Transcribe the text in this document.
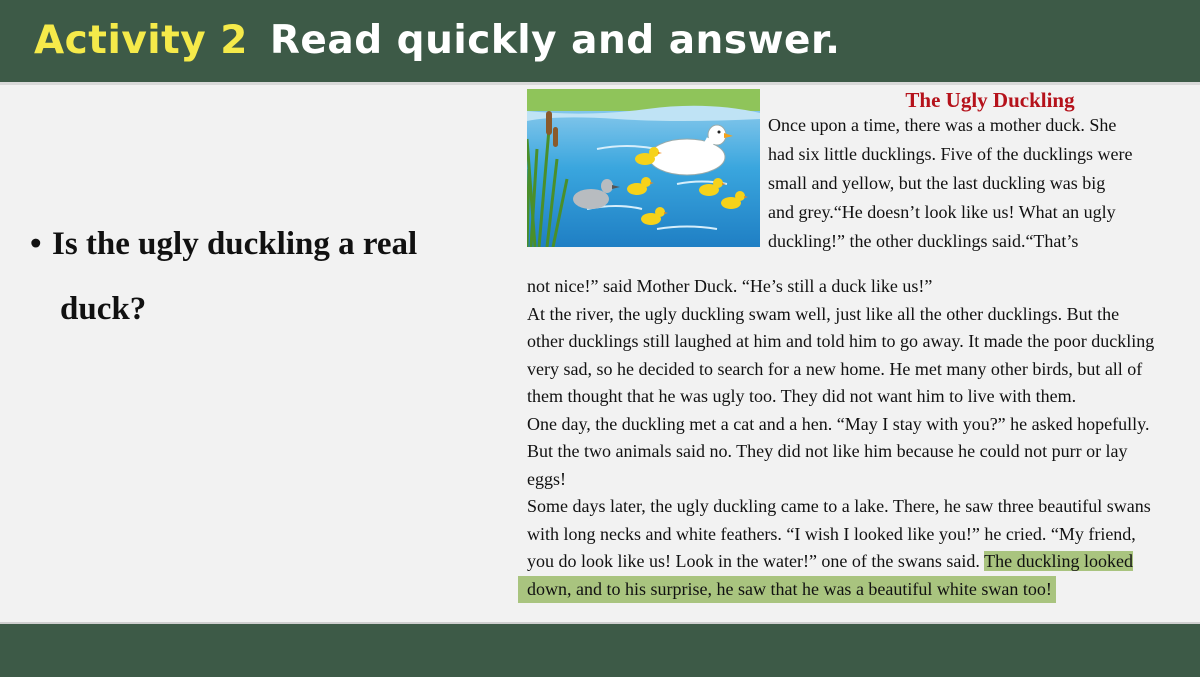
Activity 2 Read quickly and answer.
• Is the ugly duckling a real
duck?
The Ugly Duckling

Once upon a time, there was a mother duck. She

had six little ducklings. Five of the ducklings were

small and yellow, but the last duckling was big

and grey.“He doesn’t look like us! What an ugly

duckling!” the other ducklings said.“That’s

not nice!” said Mother Duck. “He’s still a duck like us!”

At the river, the ugly duckling swam well, just like all the other ducklings. But the

other ducklings still laughed at him and told him to go away. It made the poor duckling

very sad, so he decided to search for a new home. He met many other birds, but all of

them thought that he was ugly too. They did not want him to live with them.

One day, the duckling met a cat and a hen. “May I stay with you?” he asked hopefully.

But the two animals said no. They did not like him because he could not purr or lay

eggs!

Some days later, the ugly duckling came to a lake. There, he saw three beautiful swans

with long necks and white feathers. “I wish I looked like you!” he cried. “My friend,

you do look like us! Look in the water!” one of the swans said. The duckling looked

down, and to his surprise, he saw that he was a beautiful white swan too!
